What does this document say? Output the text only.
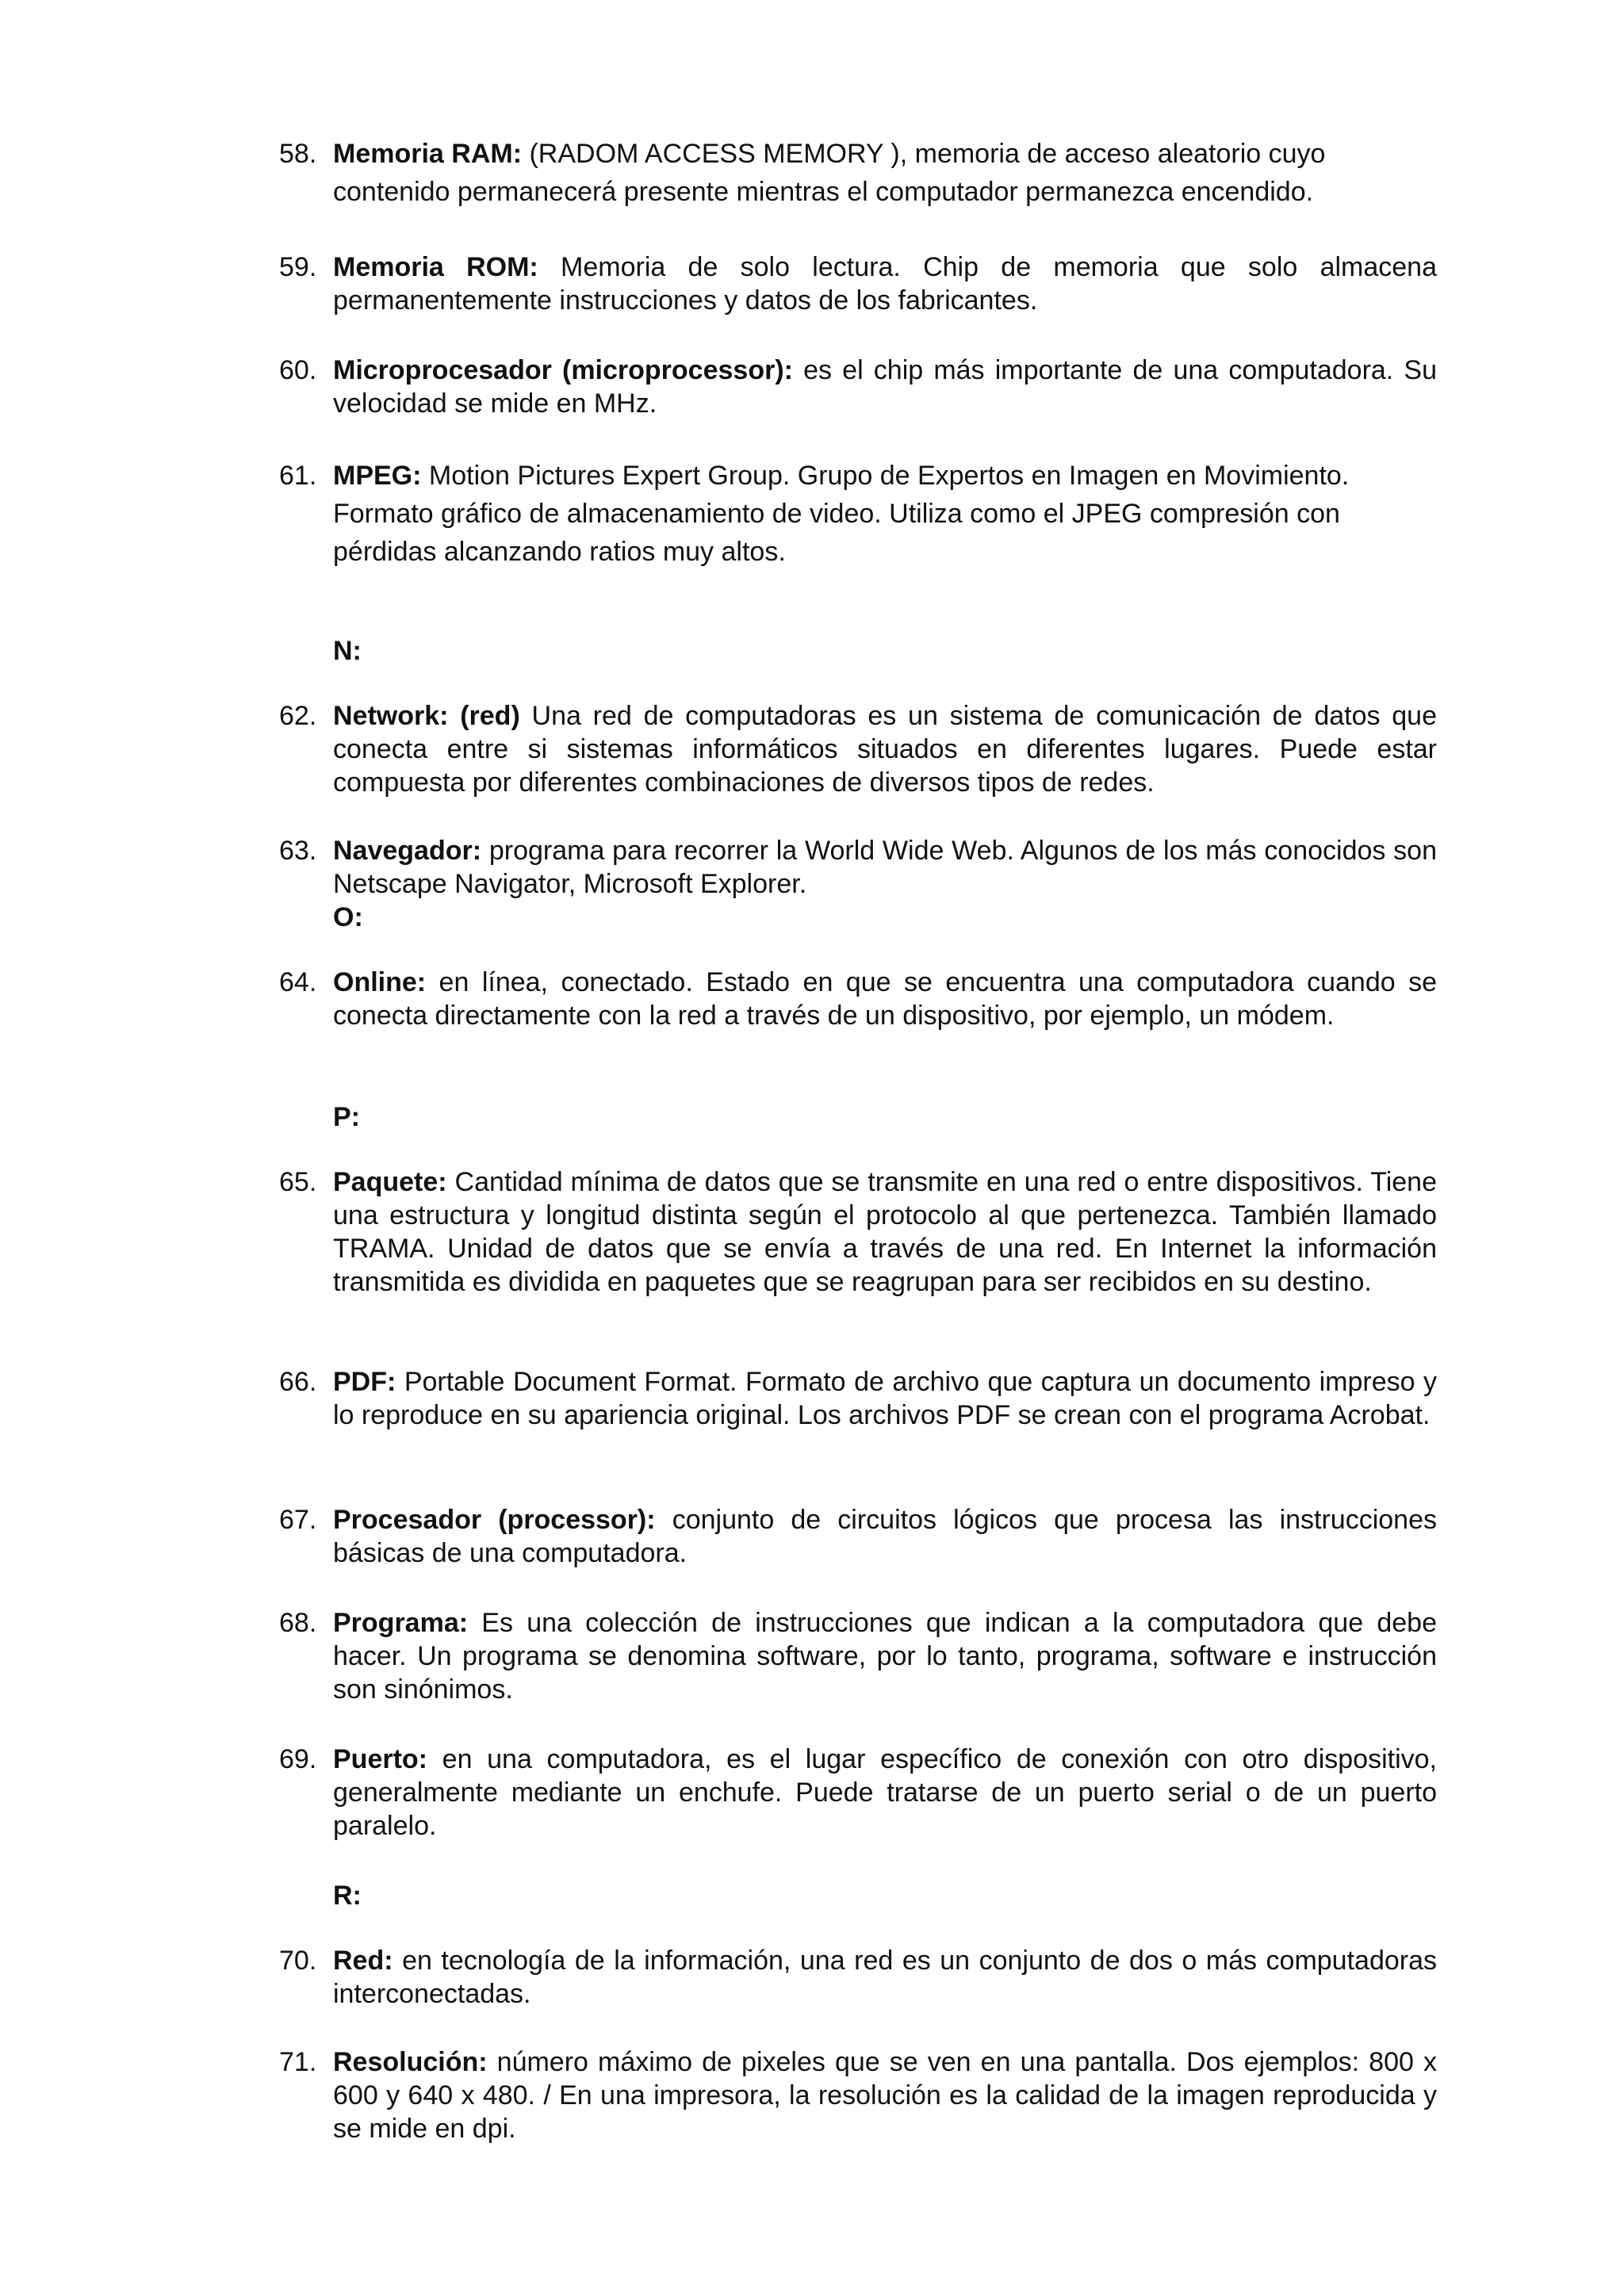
58. Memoria RAM: (RADOM ACCESS MEMORY ), memoria de acceso aleatorio cuyo contenido permanecerá presente mientras el computador permanezca encendido.
59. Memoria ROM: Memoria de solo lectura. Chip de memoria que solo almacena permanentemente instrucciones y datos de los fabricantes.
60. Microprocesador (microprocessor): es el chip más importante de una computadora. Su velocidad se mide en MHz.
61. MPEG: Motion Pictures Expert Group. Grupo de Expertos en Imagen en Movimiento. Formato gráfico de almacenamiento de video. Utiliza como el JPEG compresión con pérdidas alcanzando ratios muy altos.
N:
62. Network: (red) Una red de computadoras es un sistema de comunicación de datos que conecta entre si sistemas informáticos situados en diferentes lugares. Puede estar compuesta por diferentes combinaciones de diversos tipos de redes.
63. Navegador: programa para recorrer la World Wide Web. Algunos de los más conocidos son Netscape Navigator, Microsoft Explorer.
O:
64. Online: en línea, conectado. Estado en que se encuentra una computadora cuando se conecta directamente con la red a través de un dispositivo, por ejemplo, un módem.
P:
65. Paquete: Cantidad mínima de datos que se transmite en una red o entre dispositivos. Tiene una estructura y longitud distinta según el protocolo al que pertenezca. También llamado TRAMA. Unidad de datos que se envía a través de una red. En Internet la información transmitida es dividida en paquetes que se reagrupan para ser recibidos en su destino.
66. PDF: Portable Document Format. Formato de archivo que captura un documento impreso y lo reproduce en su apariencia original. Los archivos PDF se crean con el programa Acrobat.
67. Procesador (processor): conjunto de circuitos lógicos que procesa las instrucciones básicas de una computadora.
68. Programa: Es una colección de instrucciones que indican a la computadora que debe hacer. Un programa se denomina software, por lo tanto, programa, software e instrucción son sinónimos.
69. Puerto: en una computadora, es el lugar específico de conexión con otro dispositivo, generalmente mediante un enchufe. Puede tratarse de un puerto serial o de un puerto paralelo.
R:
70. Red: en tecnología de la información, una red es un conjunto de dos o más computadoras interconectadas.
71. Resolución: número máximo de pixeles que se ven en una pantalla. Dos ejemplos: 800 x 600 y 640 x 480. / En una impresora, la resolución es la calidad de la imagen reproducida y se mide en dpi.
